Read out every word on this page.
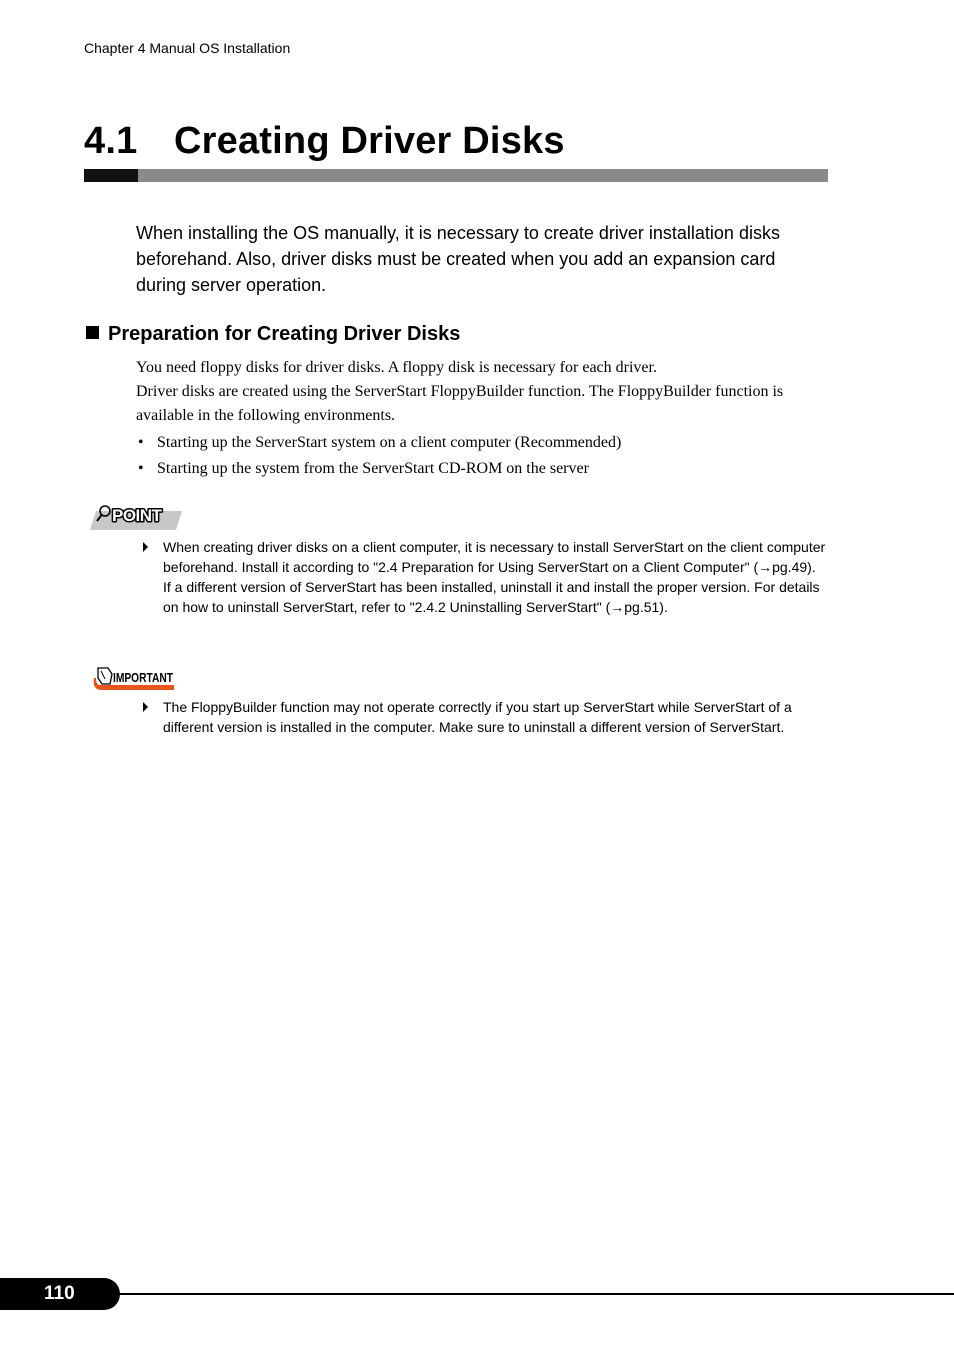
Chapter 4 Manual OS Installation
4.1 Creating Driver Disks
When installing the OS manually, it is necessary to create driver installation disks beforehand. Also, driver disks must be created when you add an expansion card during server operation.
Preparation for Creating Driver Disks
You need floppy disks for driver disks. A floppy disk is necessary for each driver.
Driver disks are created using the ServerStart FloppyBuilder function. The FloppyBuilder function is available in the following environments.
• Starting up the ServerStart system on a client computer (Recommended)
• Starting up the system from the ServerStart CD-ROM on the server
POINT
When creating driver disks on a client computer, it is necessary to install ServerStart on the client computer beforehand. Install it according to "2.4 Preparation for Using ServerStart on a Client Computer" (→pg.49).
If a different version of ServerStart has been installed, uninstall it and install the proper version. For details on how to uninstall ServerStart, refer to "2.4.2 Uninstalling ServerStart" (→pg.51).
IMPORTANT
The FloppyBuilder function may not operate correctly if you start up ServerStart while ServerStart of a different version is installed in the computer. Make sure to uninstall a different version of ServerStart.
110
